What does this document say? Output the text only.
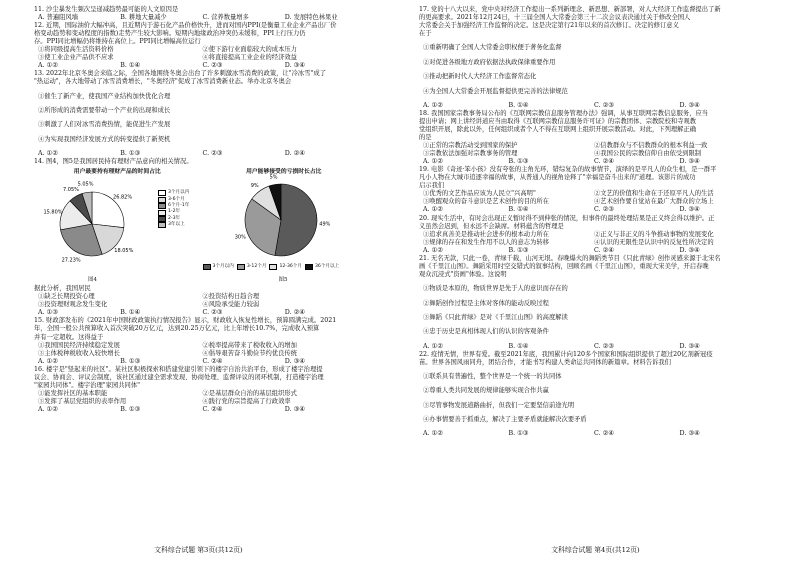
11. 沙尘暴发生频次呈递减趋势最可能的人文原因是

A. 普遍阻风墙	B. 耕地大量减少	C. 营养数量增多	D. 发展特色林果业

12. 近期，国际油价大幅冲高，且近期内于游石化产品价格快升，进而对国内PPI(是衡量工业企业产品出厂价

格变动趋势和变动程度的指数)走势产生较大影响。短期内地缘政治冲突仍未缓和，PPI上行压力仍

存。PPI同比增幅仍将维持在高位上。PPI同比增幅高位运行

①将同级提高生活资料价格	②使下游行业面临较大的成本压力
③使工业企业产品供不应求	④将直接提高工业企业的经济效益
A. ①②	B. ①④	C. ②③	D. ③④

13. 2022年北京冬奥会来临之际，全国各地围绕冬奥会出台了许多刺激冰雪消费的政策，让"冷冰雪"成了

"热运动"，各大地带动了冰雪消费增长，"冬奥经济"促成了冰雪消费新业态。举办北京冬奥会

①催生了新产业，使我国产业结构加快优化合理

②所形成的消费需要带动一个产业的出现和成长

③刺激了人们对冰雪消费热情，能促进生产发展

④为实现我国经济发展方式的转变提供了新契机

A. ①②	B. ①③	C. ②③	D. ②④

14. 图4，图5是我国居民持有理财产品意向的相关情况。

用户最要持有理财产品的时间占比
26.82%
18.05%
27.23%
15.80%
7.05%
5.05%
3个月以内
3-6个月
6个月-1年
1-2年
2-3年
3年以上
图4
用户能够接受的亏损时长占比
49%
30%
9%
5%
3个月以内	3-12个月	12-36个月	36个月以上
图5

据此分析，我国居民

①缺乏长期投资心理	②投资结构日趋合理
③投资理财观念发生变化	④风险承受能力较弱
A. ①③	B. ①④	C. ②③	D. ②④

15. 财政部发布的《2021年中国财政政策执行情况报告》显示，财政收入恢复性增长，预算圆满完成。2021

年，全国一般公共预算收入首次突破20万亿元，达到20.25万亿元，比上年增长10.7%，完成收入预算

并有一定超收。这得益于

①我国国民经济持续稳定发展	②税率提高带来了税收收入的增加
③主体税种税收收入较快增长	④倡导艰苦奋斗勤俭节约优良传统
A. ①②	B. ①③	C. ②④	D. ③④

16. 楼宇是"竖起来的社区"。某社区积极探索和搭建党建引领下的楼宇自治共治平台，形成了楼宇治理提

议会、协商会、评议会制度，该社区通过建全需求发现、协商处理、监督评议的闭环机制，打造楼宇治理

"家园共同体"。楼宇治理"家园共同体"

①能发挥社区的基本职能	②是基层群众自治的基层组织形式
③发挥了基层党组织的表率作用	④践行党的宗旨提高了行政效率
A. ①②	B. ①③	C. ②④	D. ③④
文科综合试题 第3页(共12页)

17. 党的十八大以来，党中央对经济工作提出一系列新理念、新思想、新部署，对人大经济工作监督提出了新

的更高要求。2021年12月24日，十三届全国人大常委会第三十二次会议表决通过关于修改全国人

大常委会关于加强经济工作监督的决定。这是决定第行21年以来的首次修订。决定的修订意义

在于

①重新明确了全国人大常委会职权便于著务化监督

②对促进各级地方政府依据法执政保律重要作用

③推动把新时代人大经济工作监督常态化

④为全国人大常委会开展监督提供更完善的法律规范

A. ①②	B. ①④	C. ②③	D. ③④

18. 我国国家宗教事务局公布的《互联网宗教信息服务管理办法》强调，从事互联网宗教信息服务，应当

提出申请；网上讲经讲道应当由取得《互联网宗教信息服务许可证》的宗教团体、宗教院校和寺观教

堂组织开展，除此以外，任何组织或者个人不得在互联网上组织开展宗教活动。对此，下列理解正确

的是

①正常的宗教活动受到国家的保护	②信教群众与不信教群众的根本利益一致
③宗教依法加强对宗教事务的管理	④我国公民的宗教信仰自由依受到限制
A. ①②	B. ①③	C. ②④	D. ③④

19. 电影《奇迹·笨小孩》没有夸张的主角光环，错综复杂的故事情节，演绎的是平凡人的众生相，是一群平

凡小人物在大城市追逐幸福的故事，从普通人的视角诠释了"幸福是奋斗出来的"道理。该影片的成功

启示我们

①优秀的文艺作品应该为人民立"兴高明"	②文艺的价值和生命在于还原平凡人的生活
③唤醒观众的奋斗意识是艺术创作的目的所在	④艺术创作要自觉站在最广大群众的立场上
A. ①②	B. ①④	C. ②③	D. ③④

20. 现实生活中，有时会出现正义暂时得不到伸张的情况，但事件的最终处理结果是正义终会得以维护。正

义虽然会迟到，但永远不会缺席。材料蕴含的哲理是

①追求真善美是推动社会进步的根本动力所在	②正义与非正义的斗争推动事物的发展变化
③规律的存在和发生作用不以人的意志为转移	④认识的无限性是认识中的反复性所决定的
A. ①②	B. ①③	C. ②④	D. ③④

21. 无名无款，只此一卷，青绿千载，山河无垠。春晚爆火的舞蹈类节目《只此青绿》创作灵感来源于北宋名

画《千里江山图》。舞蹈采用时空交错式的叙事结构，回顾名画《千里江山图》，重现大宋美学，开启春晚

观众沉浸式"资画"体验。这说明

①物质是本原的，物质世界是先于人的意识而存在的

②舞蹈创作过程是主体对客体的能动反映过程

③舞蹈《只此青绿》是对《千里江山图》的高度解读

④忠于历史是真相体现人们的认识的客观条件

A. ①②	B. ①④	C. ②③	D. ③④

22. 疫情无情，世界有爱。截至2021年底，我国累计向120多个国家和国际组织提供了超过20亿剂新冠疫

苗。世界各国风雨同舟，团结合作，才能书写构建人类命运共同体的新篇章。材料告诉我们

①联系具有普遍性，整个世界是一个统一的共同体

②尊重人类共同发展的规律能够实现合作共赢

③尽管事物发展道路曲折，但我们一定要坚信前途光明

④办事情要善于抓重点，解决了主要矛盾就能解决次要矛盾

A. ①②	B. ①③	C. ②④	D. ③④
文科综合试题 第4页(共12页)
